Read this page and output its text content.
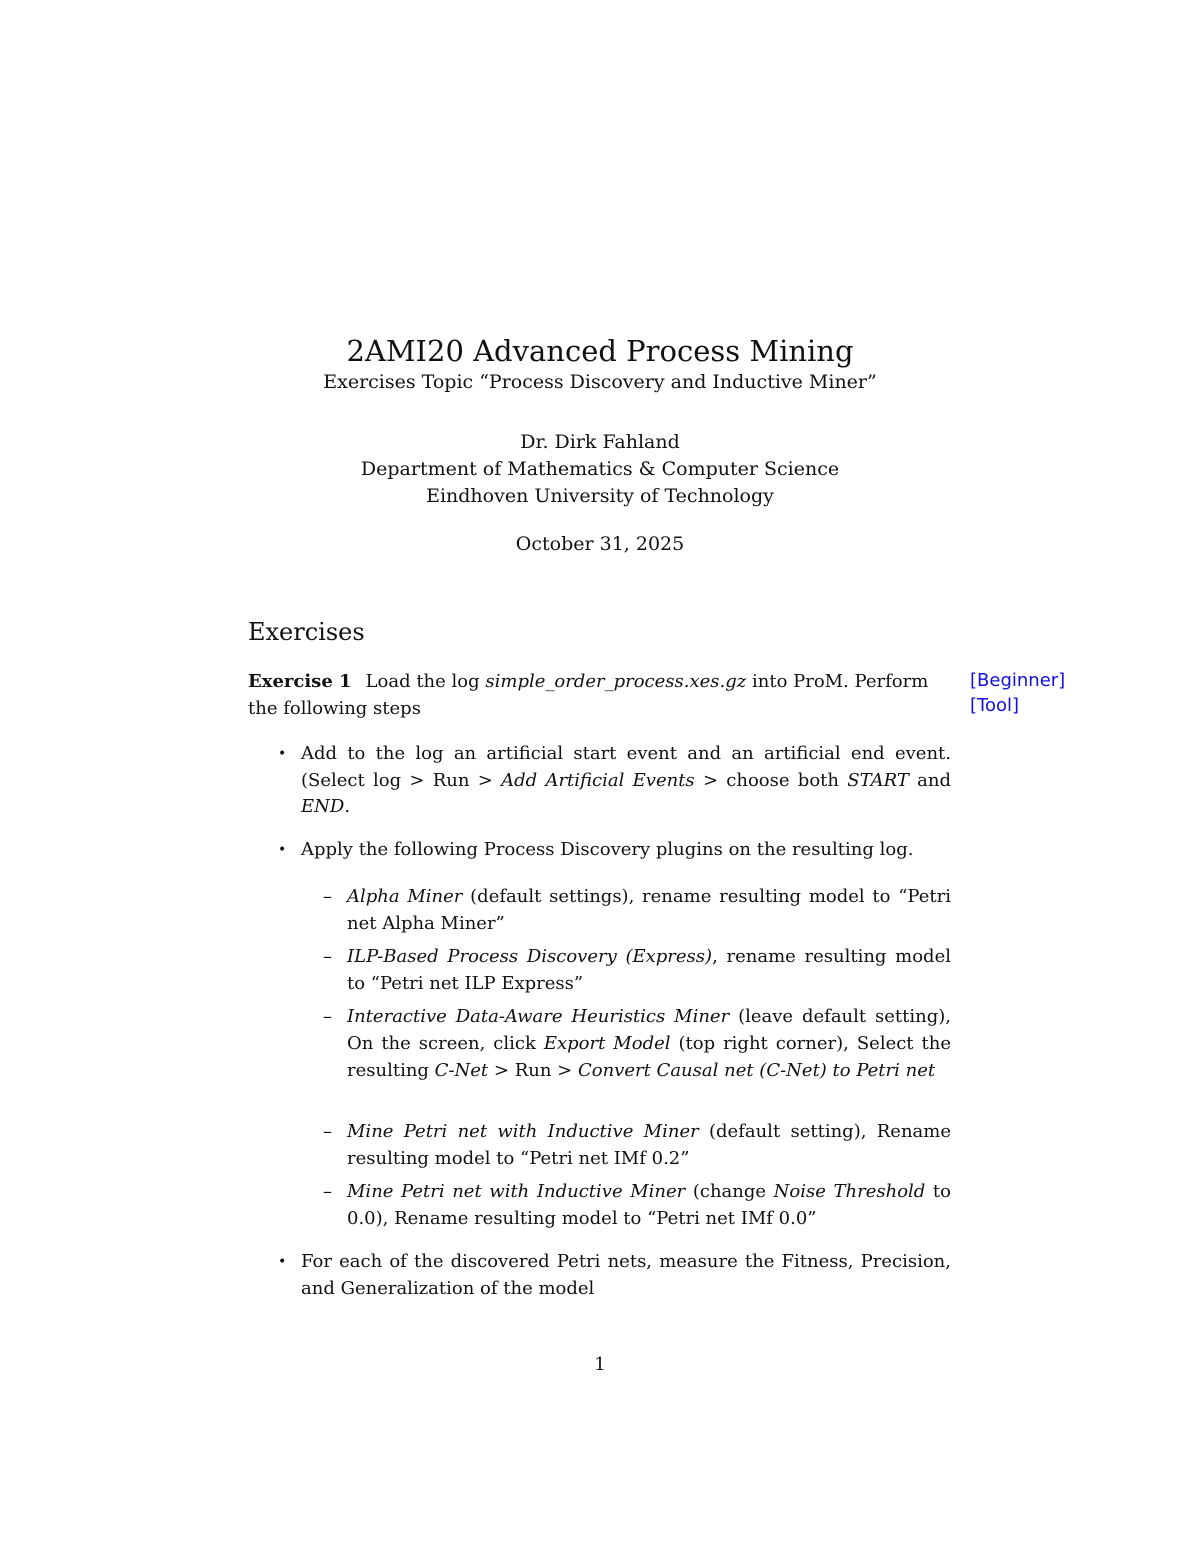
2AMI20 Advanced Process Mining
Exercises Topic “Process Discovery and Inductive Miner”
Dr. Dirk Fahland
Department of Mathematics & Computer Science
Eindhoven University of Technology
October 31, 2025
Exercises
Exercise 1 Load the log simple_order_process.xes.gz into ProM. Perform
the following steps
[Beginner]
[Tool]
• Add to the log an artificial start event and an artificial end event. (Select log > Run > Add Artificial Events > choose both START and END.
• Apply the following Process Discovery plugins on the resulting log.
– Alpha Miner (default settings), rename resulting model to “Petri net Alpha Miner”
– ILP-Based Process Discovery (Express), rename resulting model to “Petri net ILP Express”
– Interactive Data-Aware Heuristics Miner (leave default setting), On the screen, click Export Model (top right corner), Select the resulting C-Net > Run > Convert Causal net (C-Net) to Petri net
– Mine Petri net with Inductive Miner (default setting), Rename resulting model to “Petri net IMf 0.2”
– Mine Petri net with Inductive Miner (change Noise Threshold to 0.0), Rename resulting model to “Petri net IMf 0.0”
• For each of the discovered Petri nets, measure the Fitness, Precision, and Generalization of the model
1
